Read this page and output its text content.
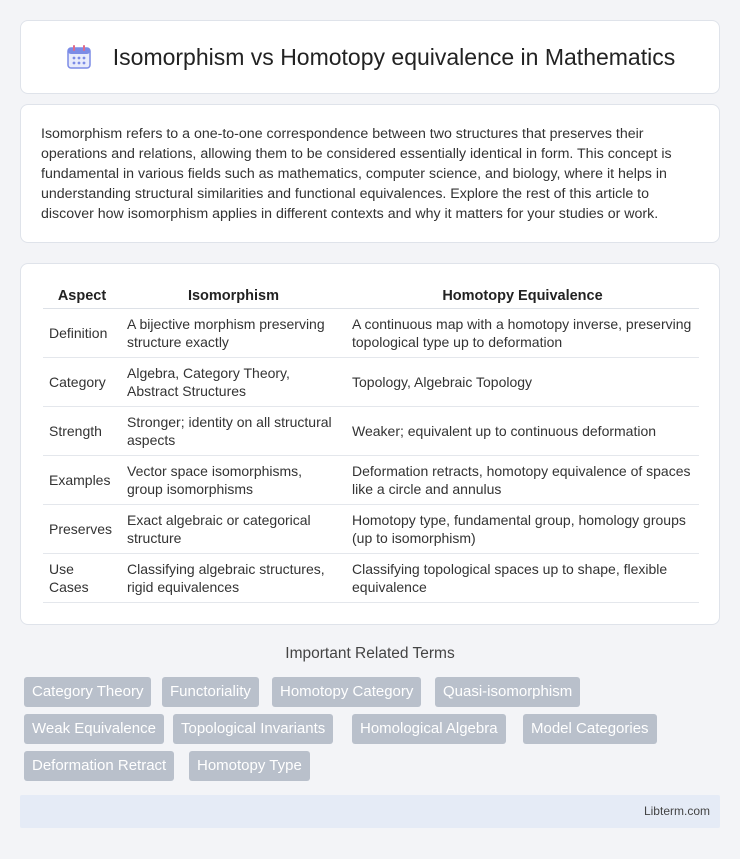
Isomorphism vs Homotopy equivalence in Mathematics

Isomorphism refers to a one-to-one correspondence between two structures that preserves their operations and relations, allowing them to be considered essentially identical in form. This concept is fundamental in various fields such as mathematics, computer science, and biology, where it helps in understanding structural similarities and functional equivalences. Explore the rest of this article to discover how isomorphism applies in different contexts and why it matters for your studies or work.

Aspect	Isomorphism	Homotopy Equivalence
Definition	A bijective morphism preserving structure exactly	A continuous map with a homotopy inverse, preserving topological type up to deformation
Category	Algebra, Category Theory, Abstract Structures	Topology, Algebraic Topology
Strength	Stronger; identity on all structural aspects	Weaker; equivalent up to continuous deformation
Examples	Vector space isomorphisms, group isomorphisms	Deformation retracts, homotopy equivalence of spaces like a circle and annulus
Preserves	Exact algebraic or categorical structure	Homotopy type, fundamental group, homology groups (up to isomorphism)
Use Cases	Classifying algebraic structures, rigid equivalences	Classifying topological spaces up to shape, flexible equivalence
Important Related Terms
Category Theory	Functoriality	Homotopy Category	Quasi-isomorphism
Weak Equivalence	Topological Invariants	Homological Algebra	Model Categories
Deformation Retract	Homotopy Type
Libterm.com
